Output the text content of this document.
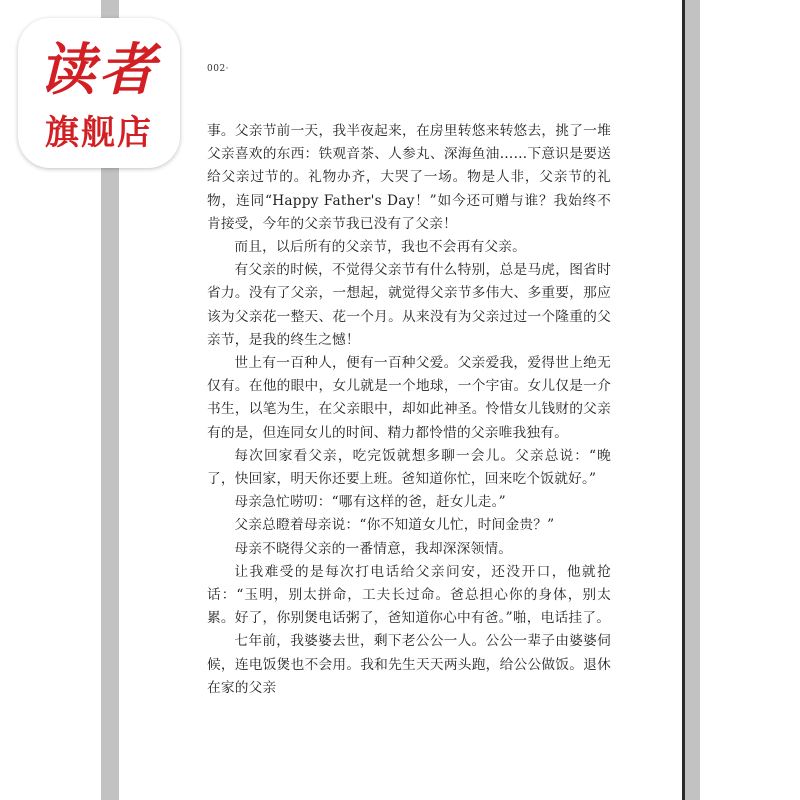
002·

事。父亲节前一天，我半夜起来，在房里转悠来转悠去，挑了一堆父亲喜欢的东西：铁观音茶、人参丸、深海鱼油……下意识是要送给父亲过节的。礼物办齐，大哭了一场。物是人非，父亲节的礼物，连同“Happy Father's Day！”如今还可赠与谁？我始终不肯接受，今年的父亲节我已没有了父亲！

而且，以后所有的父亲节，我也不会再有父亲。

有父亲的时候，不觉得父亲节有什么特别，总是马虎，图省时省力。没有了父亲，一想起，就觉得父亲节多伟大、多重要，那应该为父亲花一整天、花一个月。从来没有为父亲过过一个隆重的父亲节，是我的终生之憾！

世上有一百种人，便有一百种父爱。父亲爱我，爱得世上绝无仅有。在他的眼中，女儿就是一个地球，一个宇宙。女儿仅是一介书生，以笔为生，在父亲眼中，却如此神圣。怜惜女儿钱财的父亲有的是，但连同女儿的时间、精力都怜惜的父亲唯我独有。

每次回家看父亲，吃完饭就想多聊一会儿。父亲总说：“晚了，快回家，明天你还要上班。爸知道你忙，回来吃个饭就好。”

母亲急忙唠叨：“哪有这样的爸，赶女儿走。”

父亲总瞪着母亲说：“你不知道女儿忙，时间金贵？”

母亲不晓得父亲的一番情意，我却深深领情。

让我难受的是每次打电话给父亲问安，还没开口，他就抢话：“玉明，别太拼命，工夫长过命。爸总担心你的身体，别太累。好了，你别煲电话粥了，爸知道你心中有爸。”啪，电话挂了。

七年前，我婆婆去世，剩下老公公一人。公公一辈子由婆婆伺候，连电饭煲也不会用。我和先生天天两头跑，给公公做饭。退休在家的父亲

读者
旗舰店
